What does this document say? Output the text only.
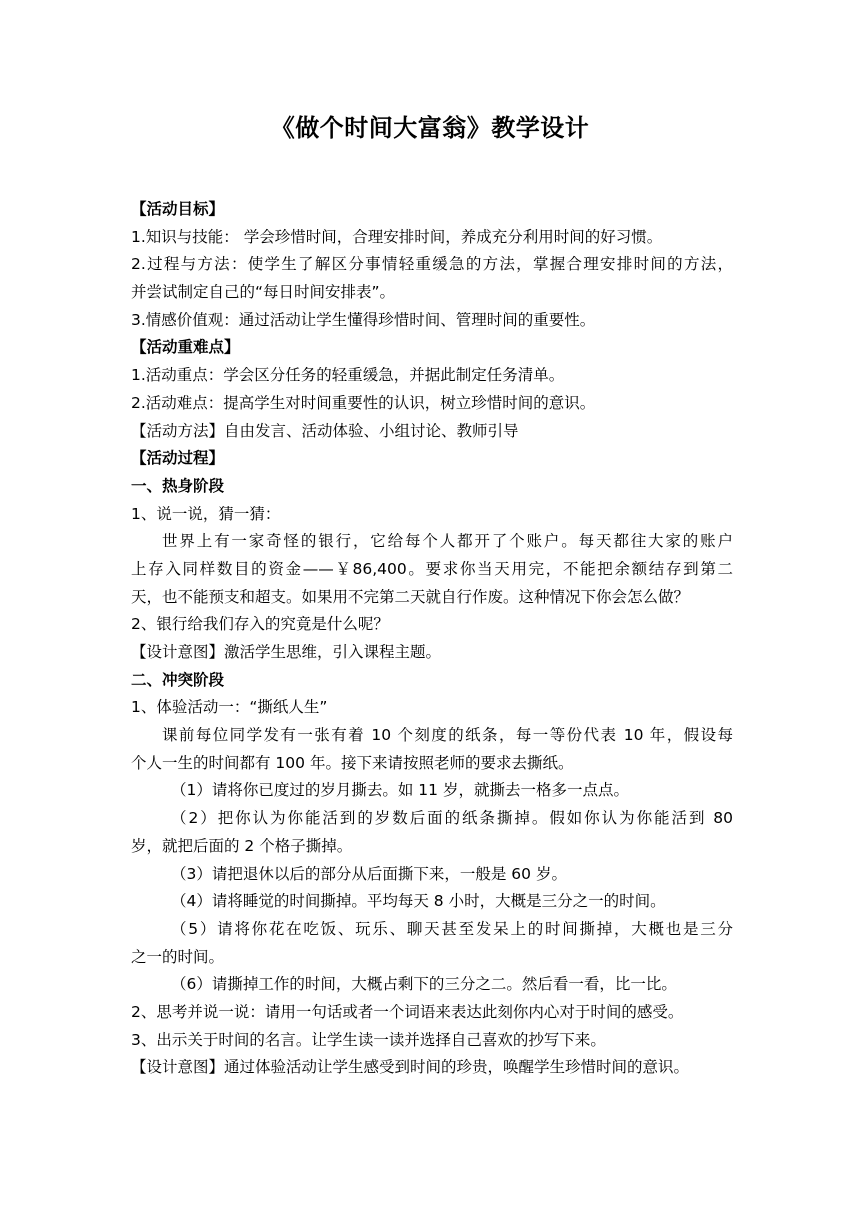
《做个时间大富翁》教学设计
【活动目标】
1.知识与技能： 学会珍惜时间，合理安排时间，养成充分利用时间的好习惯。
2.过程与方法：使学生了解区分事情轻重缓急的方法，掌握合理安排时间的方法，
并尝试制定自己的“每日时间安排表”。
3.情感价值观：通过活动让学生懂得珍惜时间、管理时间的重要性。
【活动重难点】
1.活动重点：学会区分任务的轻重缓急，并据此制定任务清单。
2.活动难点：提高学生对时间重要性的认识，树立珍惜时间的意识。
【活动方法】自由发言、活动体验、小组讨论、教师引导
【活动过程】
一、热身阶段
1、说一说，猜一猜：
世界上有一家奇怪的银行，它给每个人都开了个账户。每天都往大家的账户
上存入同样数目的资金——￥86,400。要求你当天用完，不能把余额结存到第二
天，也不能预支和超支。如果用不完第二天就自行作废。这种情况下你会怎么做？
2、银行给我们存入的究竟是什么呢？
【设计意图】激活学生思维，引入课程主题。
二、冲突阶段
1、体验活动一：“撕纸人生”
课前每位同学发有一张有着 10 个刻度的纸条，每一等份代表 10 年，假设每
个人一生的时间都有 100 年。接下来请按照老师的要求去撕纸。
（1）请将你已度过的岁月撕去。如 11 岁，就撕去一格多一点点。
（2）把你认为你能活到的岁数后面的纸条撕掉。假如你认为你能活到 80
岁，就把后面的 2 个格子撕掉。
（3）请把退休以后的部分从后面撕下来，一般是 60 岁。
（4）请将睡觉的时间撕掉。平均每天 8 小时，大概是三分之一的时间。
（5）请将你花在吃饭、玩乐、聊天甚至发呆上的时间撕掉，大概也是三分
之一的时间。
（6）请撕掉工作的时间，大概占剩下的三分之二。然后看一看，比一比。
2、思考并说一说：请用一句话或者一个词语来表达此刻你内心对于时间的感受。
3、出示关于时间的名言。让学生读一读并选择自己喜欢的抄写下来。
【设计意图】通过体验活动让学生感受到时间的珍贵，唤醒学生珍惜时间的意识。
